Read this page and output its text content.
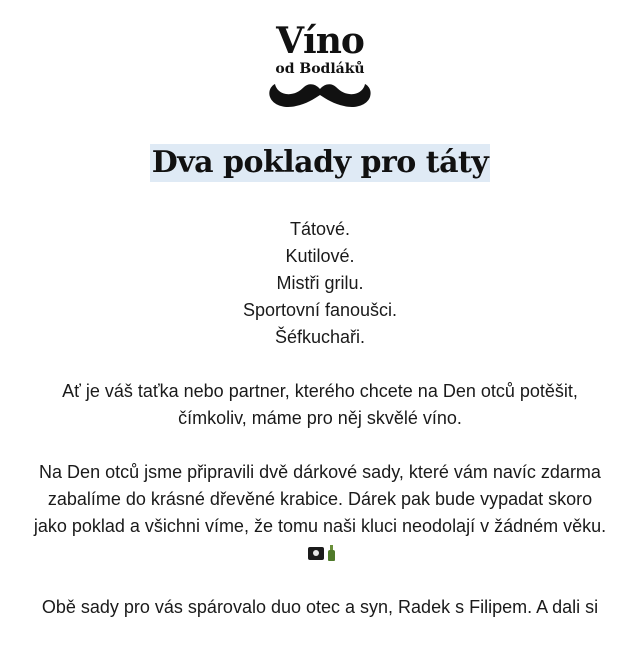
Víno
od Bodláků
Dva poklady pro táty
Tátové.
Kutilové.
Mistři grilu.
Sportovní fanoušci.
Šéfkuchaři.

Ať je váš taťka nebo partner, kterého chcete na Den otců potěšit, čímkoliv, máme pro něj skvělé víno.

Na Den otců jsme připravili dvě dárkové sady, které vám navíc zdarma zabalíme do krásné dřevěné krabice. Dárek pak bude vypadat skoro jako poklad a všichni víme, že tomu naši kluci neodolají v žádném věku.

Obě sady pro vás spárovalo duo otec a syn, Radek s Filipem. A dali si
